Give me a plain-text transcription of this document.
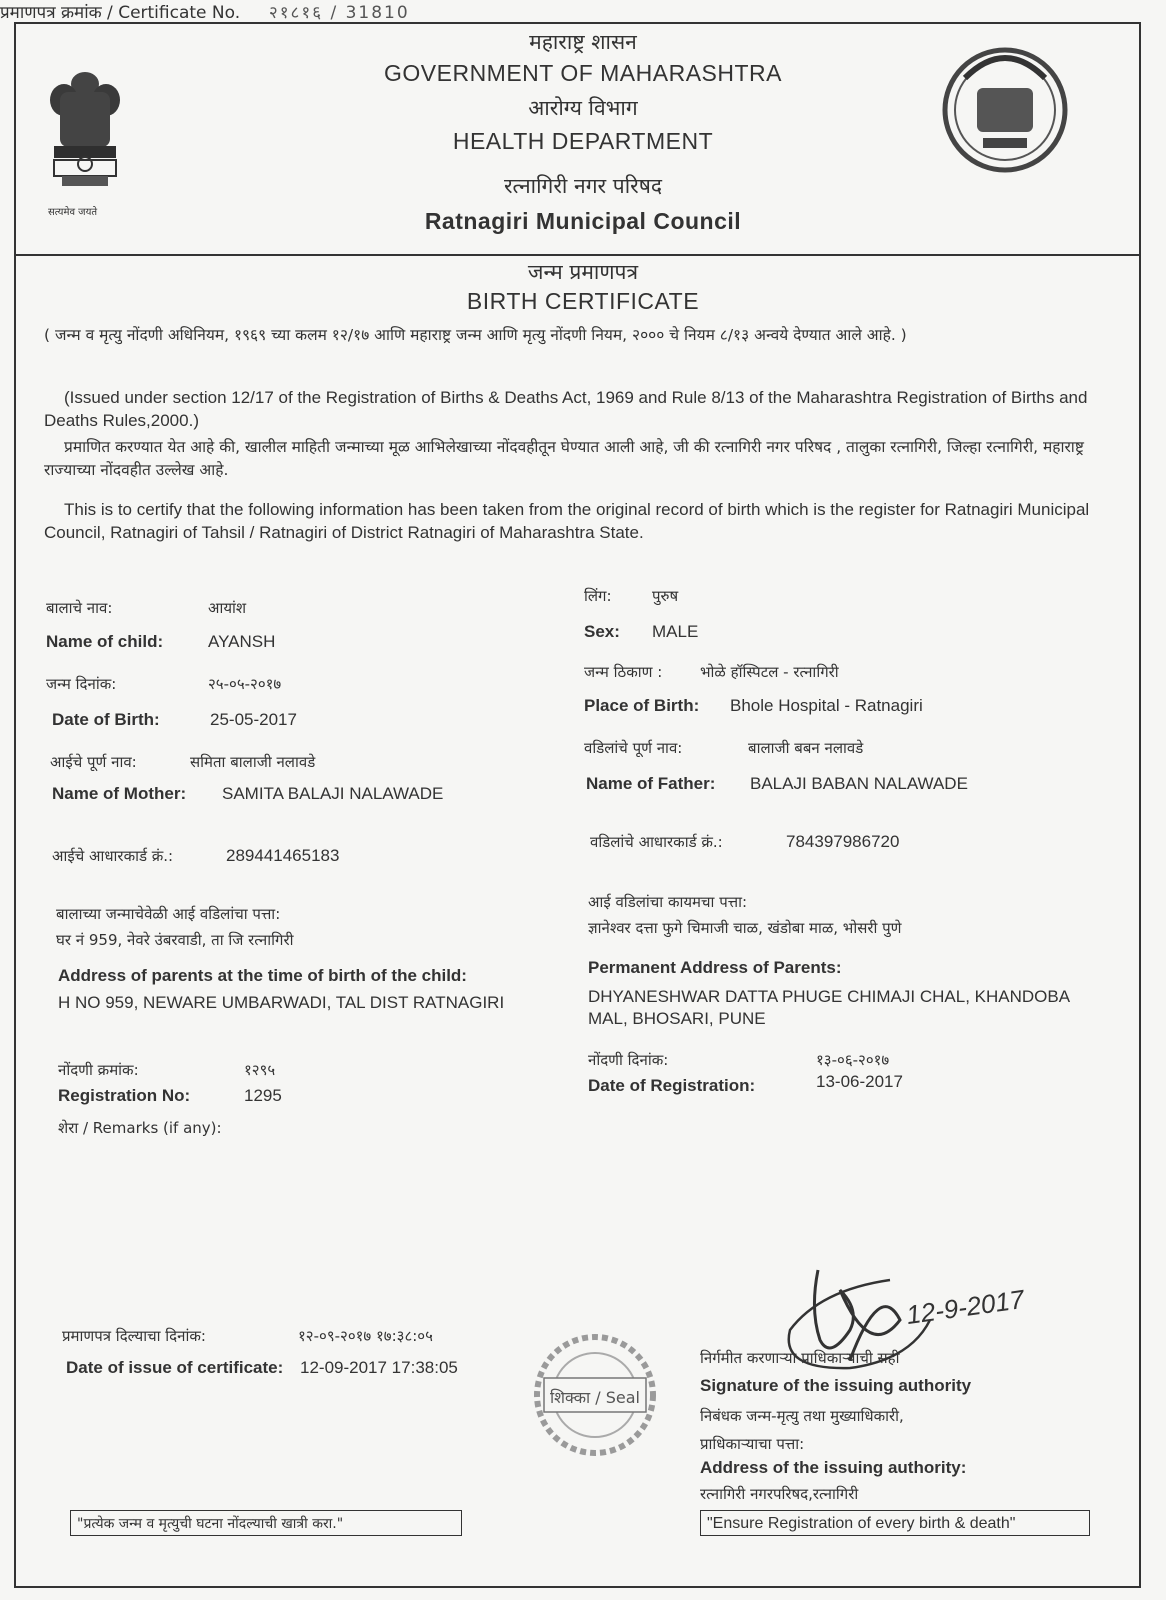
प्रमाणपत्र क्रमांक / Certificate No. २१८१६ / 31810
सत्यमेव जयते
महाराष्ट्र शासन
GOVERNMENT OF MAHARASHTRA
आरोग्य विभाग
HEALTH DEPARTMENT
रत्नागिरी नगर परिषद
Ratnagiri Municipal Council
जन्म प्रमाणपत्र
BIRTH CERTIFICATE
( जन्म व मृत्यु नोंदणी अधिनियम, १९६९ च्या कलम १२/१७ आणि महाराष्ट्र जन्म आणि मृत्यु नोंदणी नियम, २००० चे नियम ८/१३ अन्वये देण्यात आले आहे. )
(Issued under section 12/17 of the Registration of Births & Deaths Act, 1969 and Rule 8/13 of the Maharashtra Registration of Births and Deaths Rules,2000.)
प्रमाणित करण्यात येत आहे की, खालील माहिती जन्माच्या मूळ आभिलेखाच्या नोंदवहीतून घेण्यात आली आहे, जी की रत्नागिरी नगर परिषद , तालुका रत्नागिरी, जिल्हा रत्नागिरी, महाराष्ट्र राज्याच्या नोंदवहीत उल्लेख आहे.
This is to certify that the following information has been taken from the original record of birth which is the register for Ratnagiri Municipal Council, Ratnagiri of Tahsil / Ratnagiri of District Ratnagiri of Maharashtra State.
बालाचे नाव:	आयांश
Name of child:	AYANSH
जन्म दिनांक:	२५-०५-२०१७
Date of Birth:	25-05-2017
आईचे पूर्ण नाव:	समिता बालाजी नलावडे
Name of Mother: SAMITA BALAJI NALAWADE
आईचे आधारकार्ड क्रं.:	289441465183
बालाच्या जन्माचेवेळी आई वडिलांचा पत्ता:
घर नं 959, नेवरे उंबरवाडी, ता जि रत्नागिरी
Address of parents at the time of birth of the child:
H NO 959, NEWARE UMBARWADI, TAL DIST RATNAGIRI
नोंदणी क्रमांक:	१२९५
Registration No:	1295
शेरा / Remarks (if any):
लिंग:	पुरुष
Sex: MALE
जन्म ठिकाण :	भोळे हॉस्पिटल - रत्नागिरी
Place of Birth: Bhole Hospital - Ratnagiri
वडिलांचे पूर्ण नाव:	बालाजी बबन नलावडे
Name of Father: BALAJI BABAN NALAWADE
वडिलांचे आधारकार्ड क्रं.:	784397986720
आई वडिलांचा कायमचा पत्ता:
ज्ञानेश्वर दत्ता फुगे चिमाजी चाळ, खंडोबा माळ, भोसरी पुणे
Permanent Address of Parents:
DHYANESHWAR DATTA PHUGE CHIMAJI CHAL, KHANDOBA MAL, BHOSARI, PUNE
नोंदणी दिनांक:	१३-०६-२०१७
Date of Registration:	13-06-2017
प्रमाणपत्र दिल्याचा दिनांक:	१२-०९-२०१७ १७:३८:०५
Date of issue of certificate: 12-09-2017 17:38:05
शिक्का / Seal
12-9-2017
निर्गमीत करणाऱ्या प्राधिकाऱ्याची सही
Signature of the issuing authority
निबंधक जन्म-मृत्यु तथा मुख्याधिकारी,
प्राधिकाऱ्याचा पत्ता:
Address of the issuing authority:
रत्नागिरी नगरपरिषद,रत्नागिरी
"प्रत्येक जन्म व मृत्युची घटना नोंदल्याची खात्री करा."	"Ensure Registration of every birth & death"
